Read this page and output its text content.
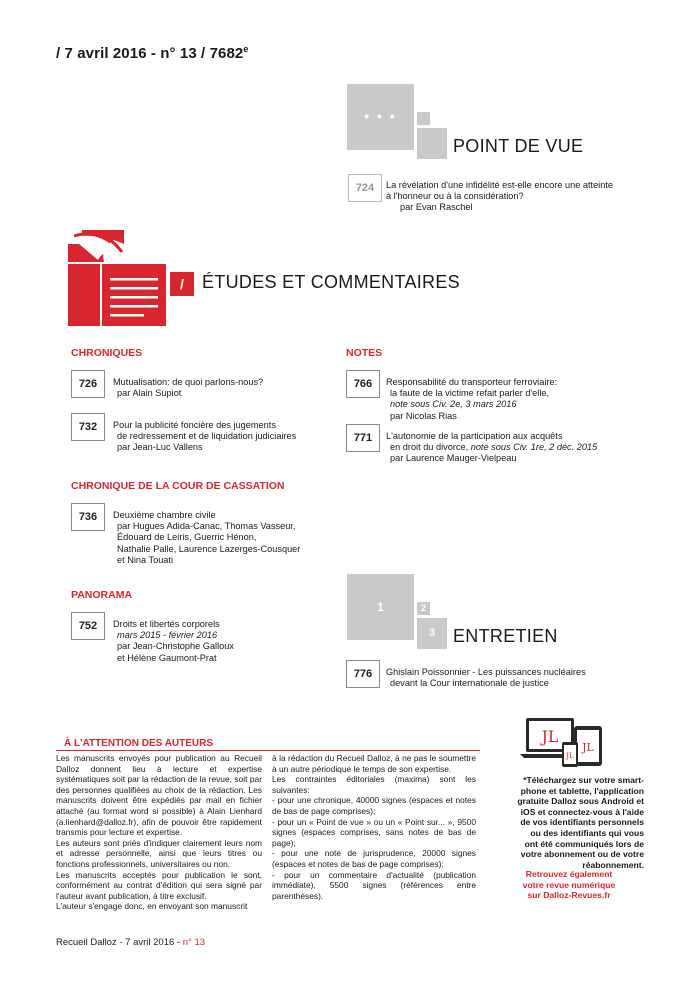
/ 7 avril 2016 - n° 13 / 7682e
• • •
POINT DE VUE
724	La révélation d'une infidélité est-elle encore une atteinte
à l'honneur ou à la considération?
par Evan Raschel
/	ÉTUDES ET COMMENTAIRES
CHRONIQUES
726	Mutualisation: de quoi parlons-nous?
par Alain Supiot
732	Pour la publicité foncière des jugements
de redressement et de liquidation judiciaires
par Jean-Luc Vallens
NOTES
766	Responsabilité du transporteur ferroviaire:
la faute de la victime refait parler d'elle,
note sous Civ. 2e, 3 mars 2016
par Nicolas Rias
771	L'autonomie de la participation aux acquêts
en droit du divorce, note sous Civ. 1re, 2 déc. 2015
par Laurence Mauger-Vielpeau
CHRONIQUE DE LA COUR DE CASSATION
736	Deuxième chambre civile
par Hugues Adida-Canac, Thomas Vasseur,
Édouard de Leiris, Guerric Hénon,
Nathalie Palle, Laurence Lazerges-Cousquer
et Nina Touati
PANORAMA
752	Droits et libertés corporels
mars 2015 - février 2016
par Jean-Christophe Galloux
et Hélène Gaumont-Prat
1	2
3 ENTRETIEN
776	Ghislain Poissonnier - Les puissances nucléaires
devant la Cour internationale de justice
À L'ATTENTION DES AUTEURS

Les manuscrits envoyés pour publication au Recueil Dalloz donnent lieu à lecture et expertise systématiques soit par la rédaction de la revue, soit par des personnes qualifiées au choix de la rédaction. Les manuscrits doivent être expédiés par mail en fichier attaché (au format word si possible) à Alain Lienhard (a.lienhard@dalloz.fr), afin de pouvoir être rapidement transmis pour lecture et expertise.

Les auteurs sont priés d'indiquer clairement leurs nom et adresse personnelle, ainsi que leurs titres ou fonctions professionnels, universitaires ou non.

Les manuscrits acceptés pour publication le sont, conformément au contrat d'édition qui sera signé par l'auteur avant publication, à titre exclusif.

L'auteur s'engage donc, en envoyant son manuscrit

à la rédaction du Recueil Dalloz, à ne pas le soumettre à un autre périodique le temps de son expertise.

Les contraintes éditoriales (maxima) sont les suivantes:

- pour une chronique, 40000 signes (espaces et notes de bas de page comprises);

- pour un « Point de vue » ou un « Point sur... », 9500 signes (espaces comprises, sans notes de bas de page);

- pour une note de jurisprudence, 20000 signes (espaces et notes de bas de page comprises);

- pour un commentaire d'actualité (publication immédiate), 5500 signes (références entre parenthèses).

JL
JL
JL
*Téléchargez sur votre smart-
phone et tablette, l'application
gratuite Dalloz sous Android et
iOS et connectez-vous à l'aide
de vos identifiants personnels
ou des identifiants qui vous
ont été communiqués lors de
votre abonnement ou de votre
réabonnement.
Retrouvez également
votre revue numérique
sur Dalloz-Revues.fr
Recueil Dalloz - 7 avril 2016 - n° 13
